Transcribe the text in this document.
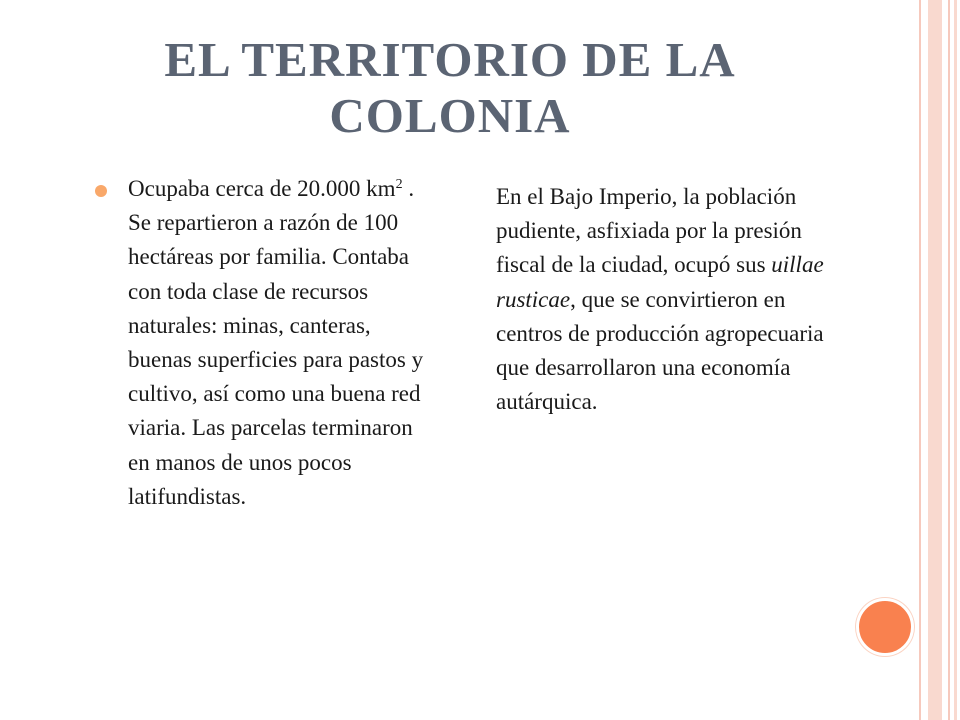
EL TERRITORIO DE LA
COLONIA

Ocupaba cerca de 20.000 $km^2$ . Se repartieron a razón de 100 hectáreas por familia. Contaba con toda clase de recursos naturales: minas, canteras, buenas superficies para pastos y cultivo, así como una buena red viaria. Las parcelas terminaron en manos de unos pocos latifundistas.

En el Bajo Imperio, la población pudiente, asfixiada por la presión fiscal de la ciudad, ocupó sus uillae rusticae, que se convirtieron en centros de producción agropecuaria que desarrollaron una economía autárquica.
